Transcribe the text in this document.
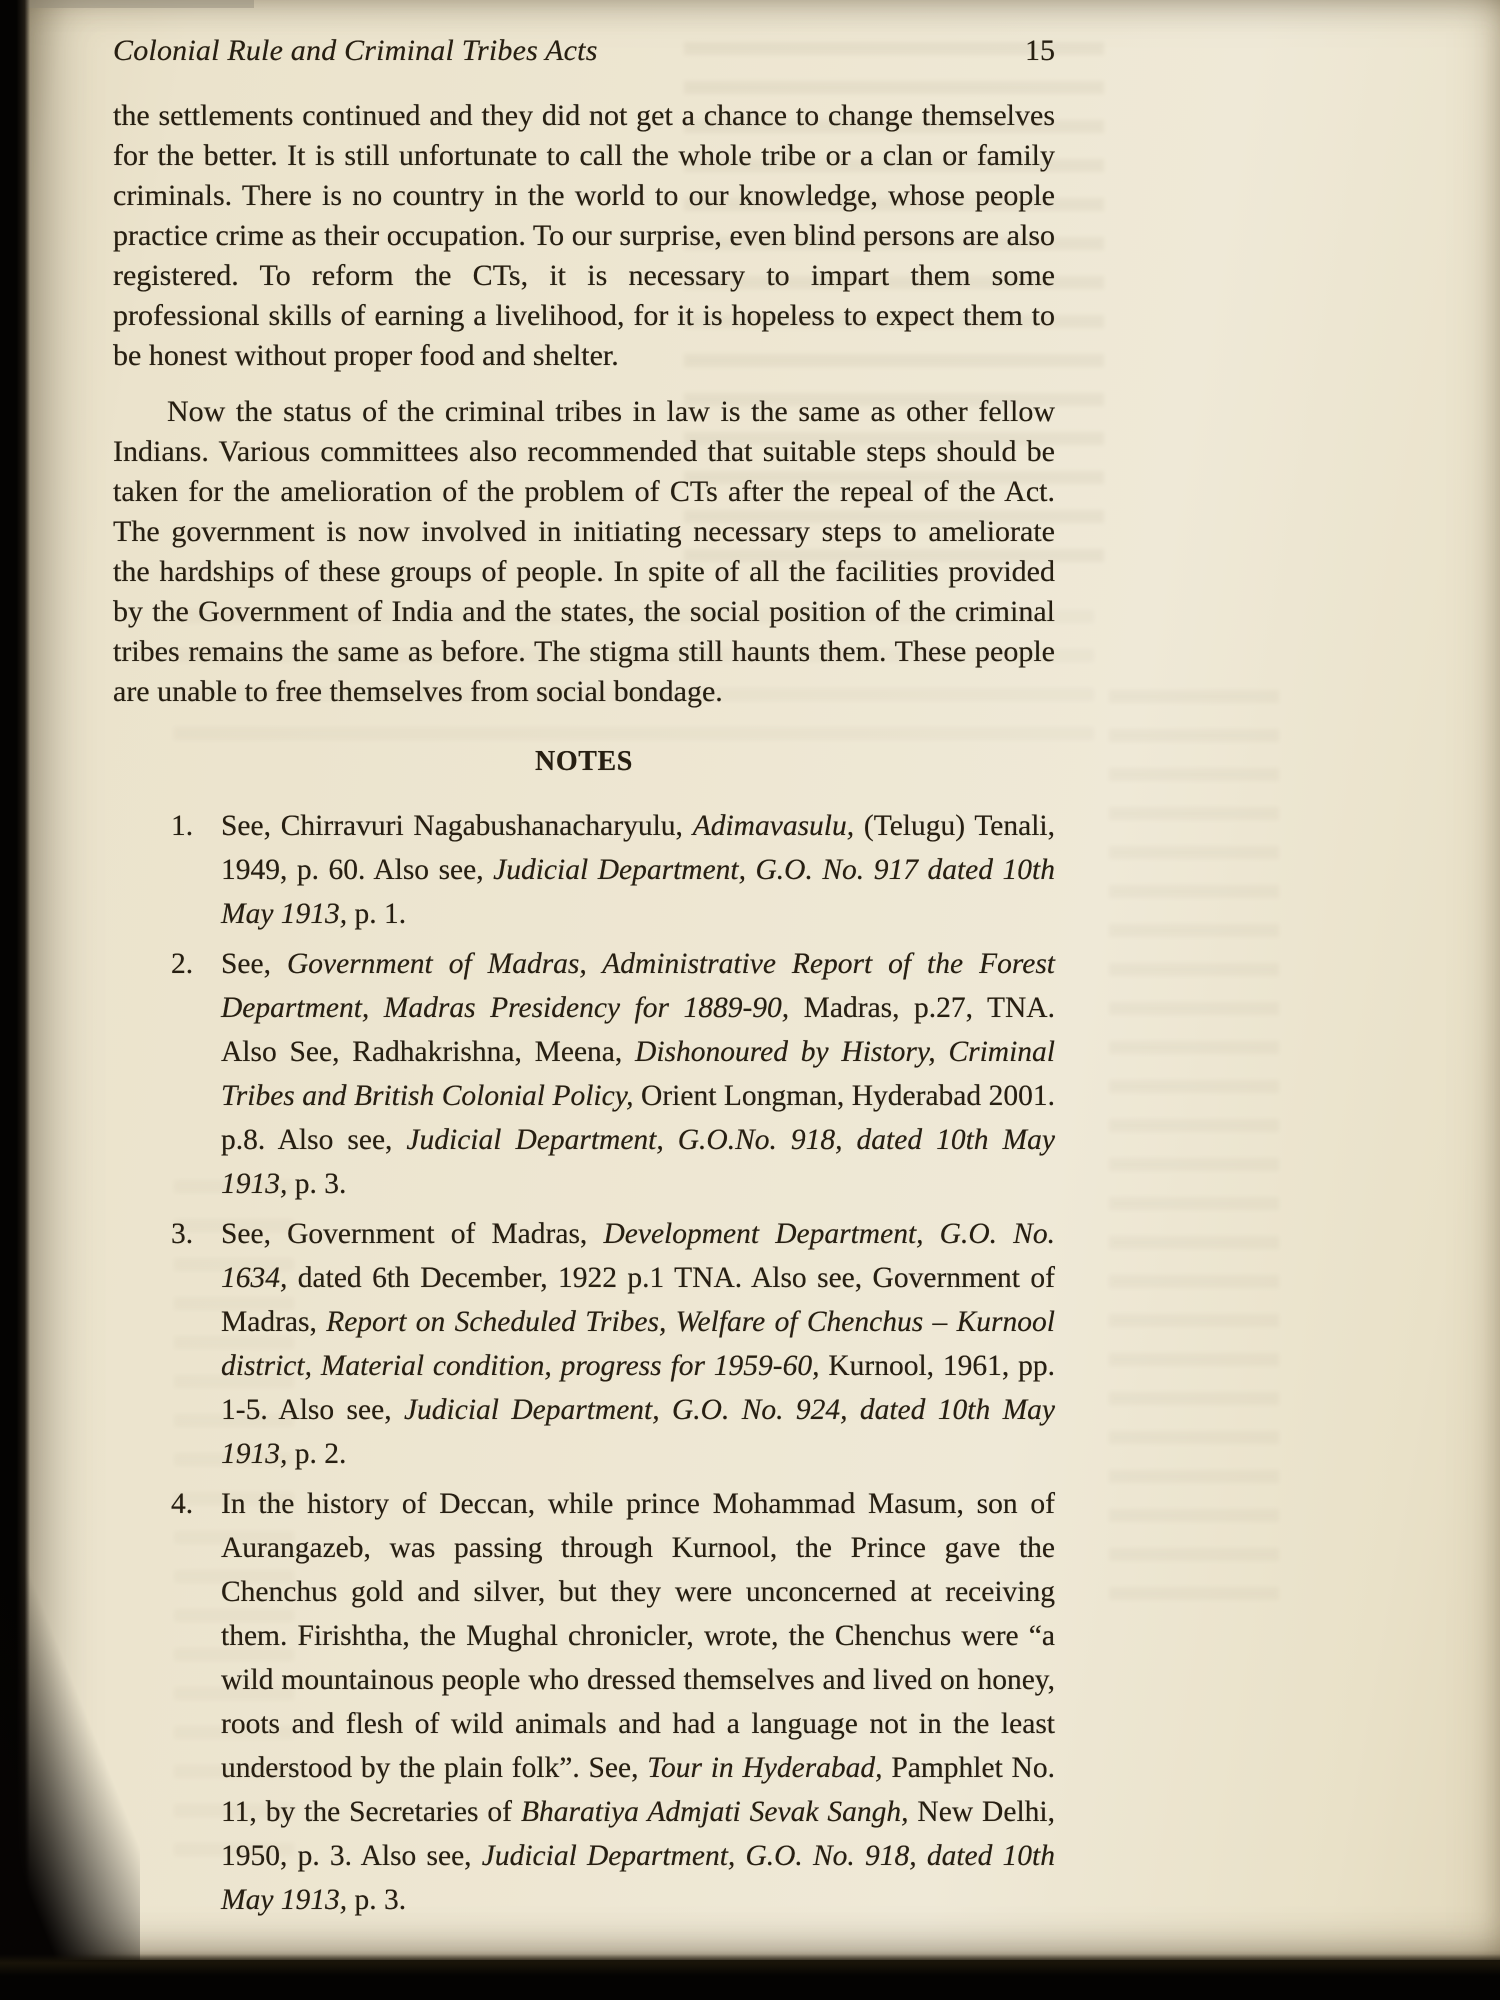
Colonial Rule and Criminal Tribes Acts	15

the settlements continued and they did not get a chance to change themselves for the better. It is still unfortunate to call the whole tribe or a clan or family criminals. There is no country in the world to our knowledge, whose people practice crime as their occupation. To our surprise, even blind persons are also registered. To reform the CTs, it is necessary to impart them some professional skills of earning a livelihood, for it is hopeless to expect them to be honest without proper food and shelter.

Now the status of the criminal tribes in law is the same as other fellow Indians. Various committees also recommended that suitable steps should be taken for the amelioration of the problem of CTs after the repeal of the Act. The government is now involved in initiating necessary steps to ameliorate the hardships of these groups of people. In spite of all the facilities provided by the Government of India and the states, the social position of the criminal tribes remains the same as before. The stigma still haunts them. These people are unable to free themselves from social bondage.

NOTES
1. See, Chirravuri Nagabushanacharyulu, Adimavasulu, (Telugu) Tenali, 1949, p. 60. Also see, Judicial Department, G.O. No. 917 dated 10th May 1913, p. 1.
2. See, Government of Madras, Administrative Report of the Forest Department, Madras Presidency for 1889-90, Madras, p.27, TNA. Also See, Radhakrishna, Meena, Dishonoured by History, Criminal Tribes and British Colonial Policy, Orient Longman, Hyderabad 2001. p.8. Also see, Judicial Department, G.O.No. 918, dated 10th May 1913, p. 3.
3. See, Government of Madras, Development Department, G.O. No. 1634, dated 6th December, 1922 p.1 TNA. Also see, Government of Madras, Report on Scheduled Tribes, Welfare of Chenchus – Kurnool district, Material condition, progress for 1959-60, Kurnool, 1961, pp. 1-5. Also see, Judicial Department, G.O. No. 924, dated 10th May 1913, p. 2.
4. In the history of Deccan, while prince Mohammad Masum, son of Aurangazeb, was passing through Kurnool, the Prince gave the Chenchus gold and silver, but they were unconcerned at receiving them. Firishtha, the Mughal chronicler, wrote, the Chenchus were “a wild mountainous people who dressed themselves and lived on honey, roots and flesh of wild animals and had a language not in the least understood by the plain folk”. See, Tour in Hyderabad, Pamphlet No. 11, by the Secretaries of Bharatiya Admjati Sevak Sangh, New Delhi, 1950, p. 3. Also see, Judicial Department, G.O. No. 918, dated 10th May 1913, p. 3.
